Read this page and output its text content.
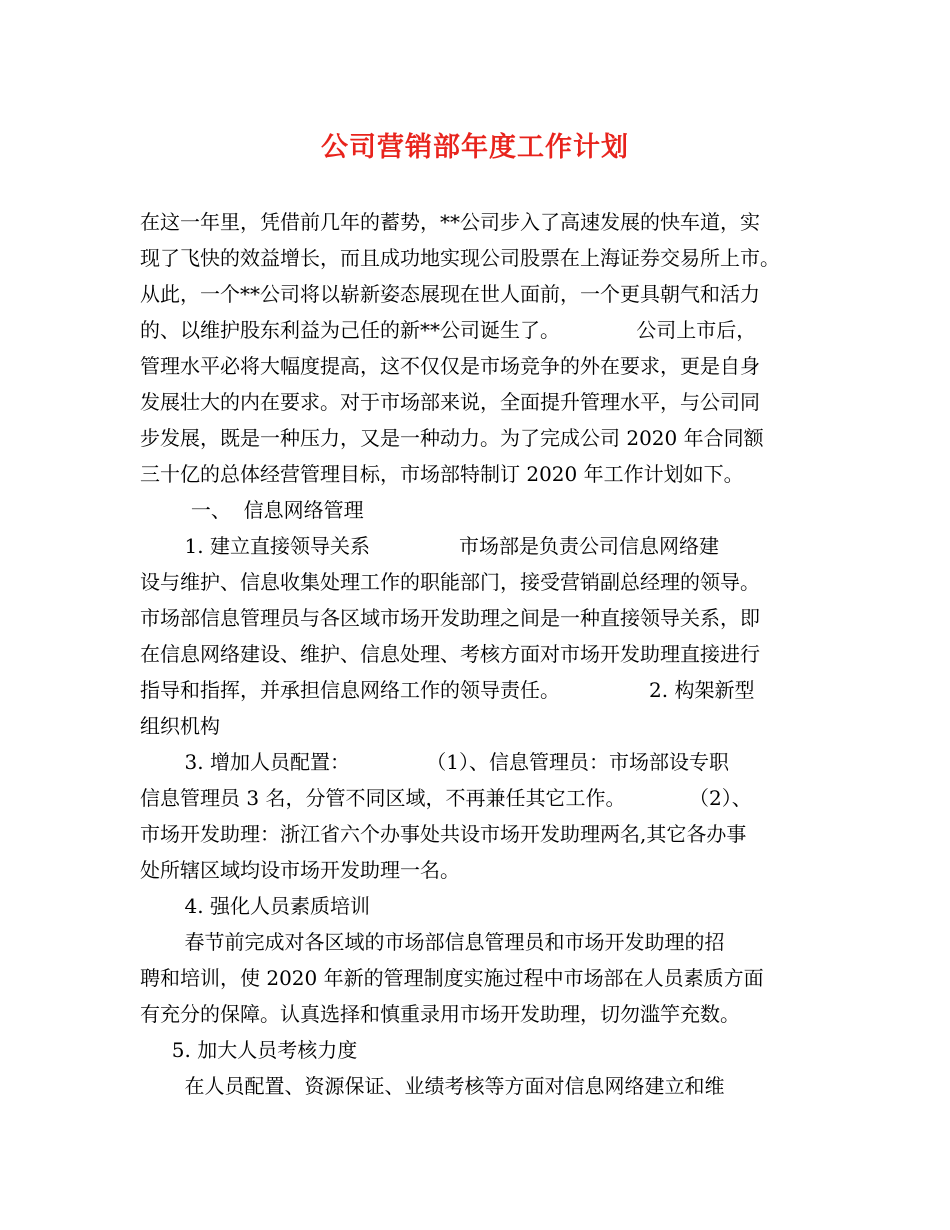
公司营销部年度工作计划
在这一年里，凭借前几年的蓄势，**公司步入了高速发展的快车道，实
现了飞快的效益增长，而且成功地实现公司股票在上海证券交易所上市。
从此，一个**公司将以崭新姿态展现在世人面前，一个更具朝气和活力
的、以维护股东利益为己任的新**公司诞生了。            公司上市后，
管理水平必将大幅度提高，这不仅仅是市场竞争的外在要求，更是自身
发展壮大的内在要求。对于市场部来说，全面提升管理水平，与公司同
步发展，既是一种压力，又是一种动力。为了完成公司 2020 年合同额
三十亿的总体经营管理目标，市场部特制订 2020 年工作计划如下。
一、  信息网络管理
1. 建立直接领导关系              市场部是负责公司信息网络建
设与维护、信息收集处理工作的职能部门，接受营销副总经理的领导。
市场部信息管理员与各区域市场开发助理之间是一种直接领导关系，即
在信息网络建设、维护、信息处理、考核方面对市场开发助理直接进行
指导和指挥，并承担信息网络工作的领导责任。              2. 构架新型
组织机构
3. 增加人员配置：            （1）、信息管理员：市场部设专职
信息管理员 3 名，分管不同区域，不再兼任其它工作。          （2）、
市场开发助理：浙江省六个办事处共设市场开发助理两名,其它各办事
处所辖区域均设市场开发助理一名。
4. 强化人员素质培训
春节前完成对各区域的市场部信息管理员和市场开发助理的招
聘和培训，使 2020 年新的管理制度实施过程中市场部在人员素质方面
有充分的保障。认真选择和慎重录用市场开发助理，切勿滥竽充数。
5. 加大人员考核力度
在人员配置、资源保证、业绩考核等方面对信息网络建立和维
